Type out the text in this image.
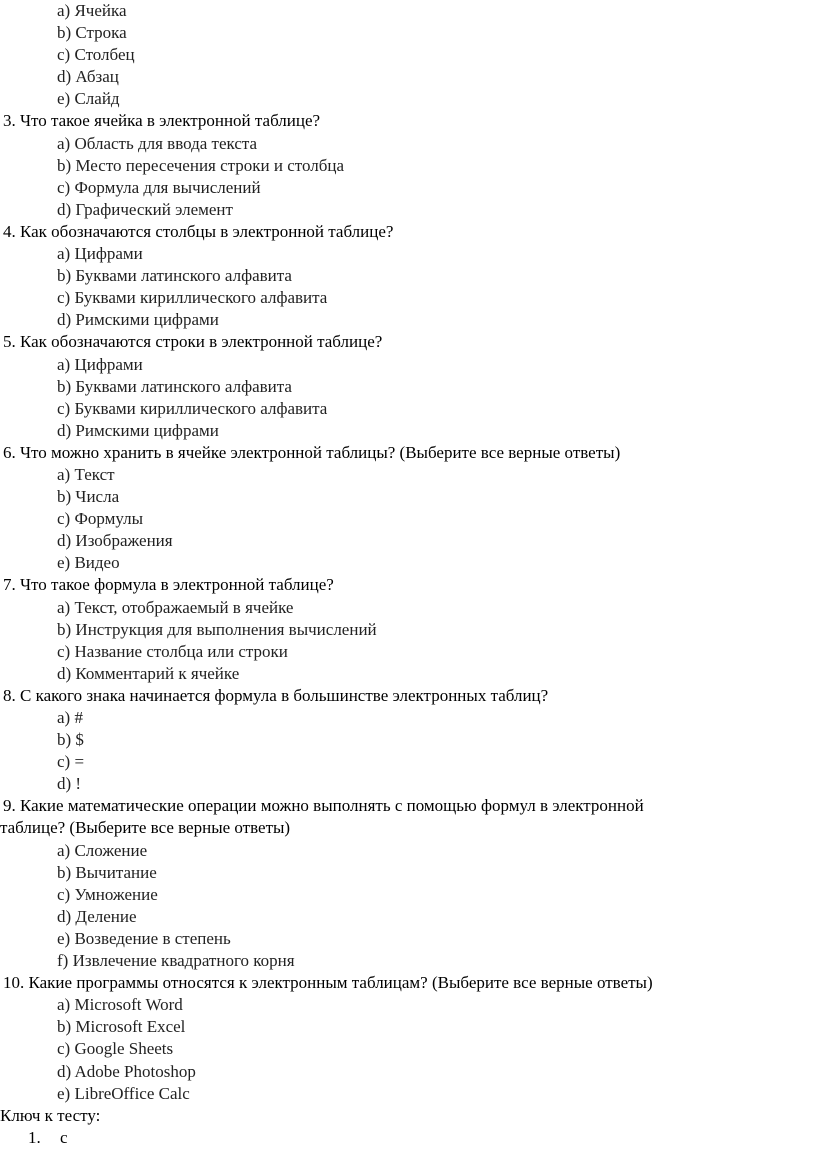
a) Ячейка
b) Строка
c) Столбец
d) Абзац
e) Слайд
3. Что такое ячейка в электронной таблице?
a) Область для ввода текста
b) Место пересечения строки и столбца
c) Формула для вычислений
d) Графический элемент
4. Как обозначаются столбцы в электронной таблице?
a) Цифрами
b) Буквами латинского алфавита
c) Буквами кириллического алфавита
d) Римскими цифрами
5. Как обозначаются строки в электронной таблице?
a) Цифрами
b) Буквами латинского алфавита
c) Буквами кириллического алфавита
d) Римскими цифрами
6. Что можно хранить в ячейке электронной таблицы? (Выберите все верные ответы)
a) Текст
b) Числа
c) Формулы
d) Изображения
e) Видео
7. Что такое формула в электронной таблице?
a) Текст, отображаемый в ячейке
b) Инструкция для выполнения вычислений
c) Название столбца или строки
d) Комментарий к ячейке
8. С какого знака начинается формула в большинстве электронных таблиц?
a) #
b) $
c) =
d) !
9. Какие математические операции можно выполнять с помощью формул в электронной
таблице? (Выберите все верные ответы)
a) Сложение
b) Вычитание
c) Умножение
d) Деление
e) Возведение в степень
f) Извлечение квадратного корня
10. Какие программы относятся к электронным таблицам? (Выберите все верные ответы)
a) Microsoft Word
b) Microsoft Excel
c) Google Sheets
d) Adobe Photoshop
e) LibreOffice Calc
Ключ к тесту:
1. c
